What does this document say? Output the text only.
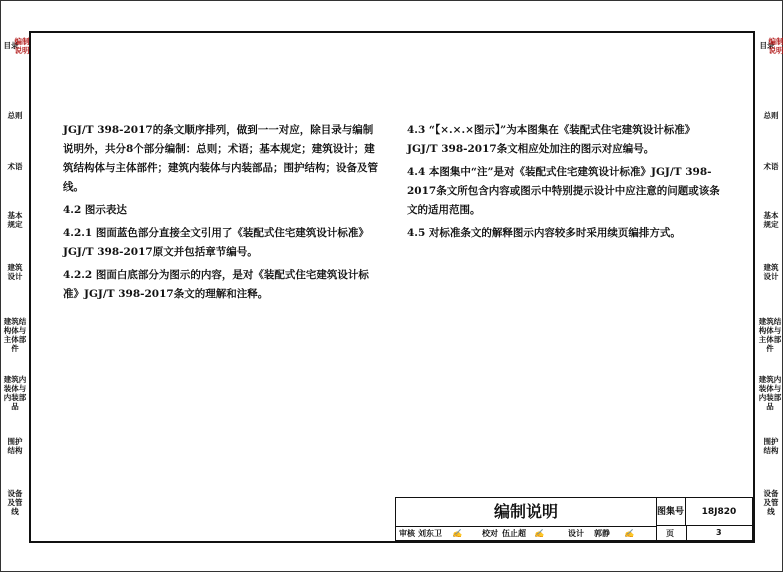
目录
编制说明
总则
术语
基本规定
建筑设计
建筑结构体与主体部件
建筑内装体与内装部品
围护结构
设备及管线
目录
编制说明
总则
术语
基本规定
建筑设计
建筑结构体与主体部件
建筑内装体与内装部品
围护结构
设备及管线

JGJ/T 398-2017的条文顺序排列，做到一一对应，除目录与编制说明外，共分8个部分编制：总则；术语；基本规定；建筑设计；建筑结构体与主体部件；建筑内装体与内装部品；围护结构；设备及管线。

4.2 图示表达

4.2.1 图面蓝色部分直接全文引用了《装配式住宅建筑设计标准》JGJ/T 398-2017原文并包括章节编号。

4.2.2 图面白底部分为图示的内容，是对《装配式住宅建筑设计标准》JGJ/T 398-2017条文的理解和注释。

4.3 “【×.×.×图示】”为本图集在《装配式住宅建筑设计标准》JGJ/T 398-2017条文相应处加注的图示对应编号。

4.4 本图集中“注”是对《装配式住宅建筑设计标准》JGJ/T 398-2017条文所包含内容或图示中特别提示设计中应注意的问题或该条文的适用范围。

4.5 对标准条文的解释图示内容较多时采用续页编排方式。

编制说明	图集号	18J820
审核 刘东卫 ✍	校对 伍止超 ✍	设计 郭静 ✍	页	3
